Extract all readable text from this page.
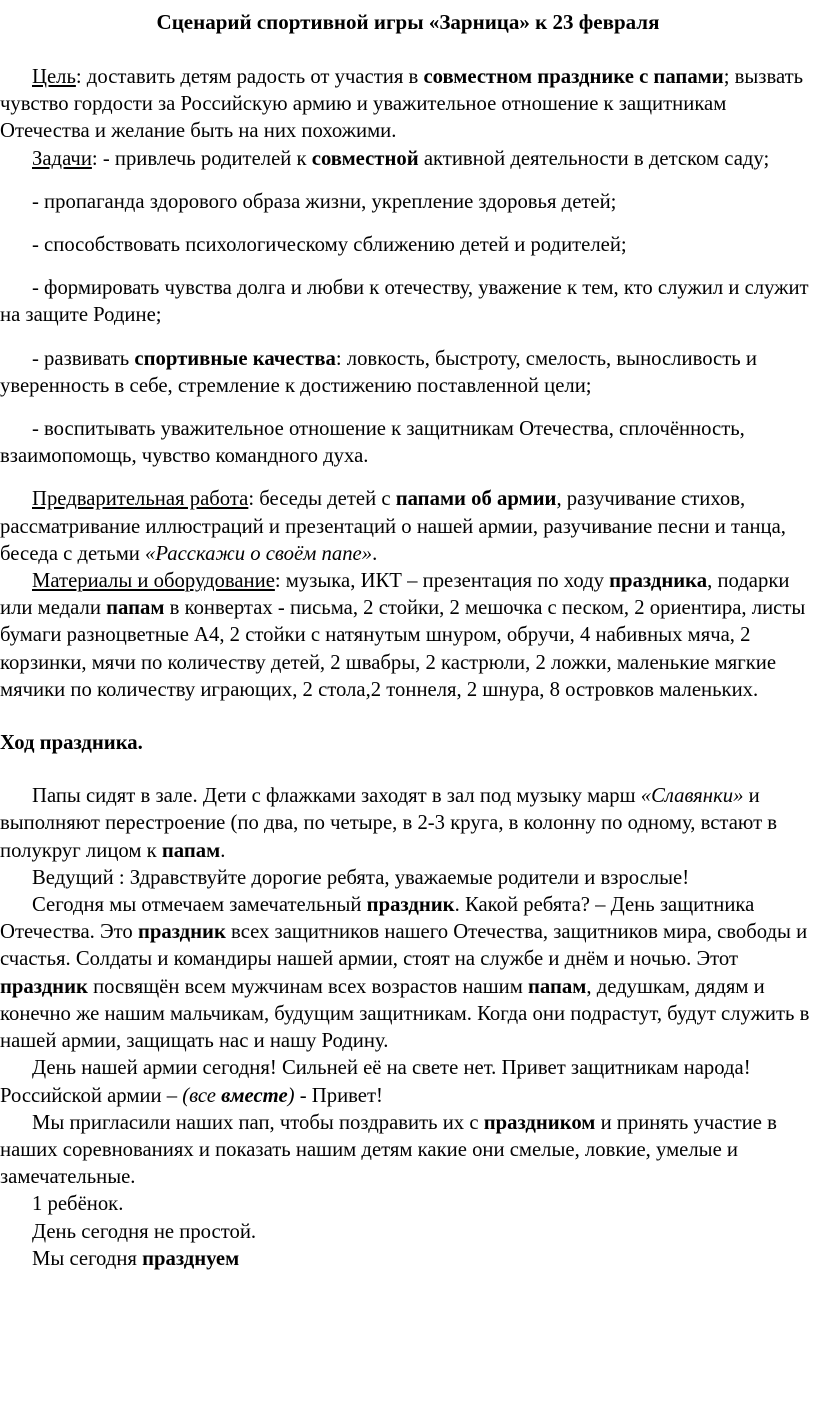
Сценарий спортивной игры «Зарница» к 23 февраля

Цель: доставить детям радость от участия в совместном празднике с папами; вызвать чувство гордости за Российскую армию и уважительное отношение к защитникам Отечества и желание быть на них похожими.

Задачи: - привлечь родителей к совместной активной деятельности в детском саду;

- пропаганда здорового образа жизни, укрепление здоровья детей;

- способствовать психологическому сближению детей и родителей;

- формировать чувства долга и любви к отечеству, уважение к тем, кто служил и служит на защите Родине;

- развивать спортивные качества: ловкость, быстроту, смелость, выносливость и уверенность в себе, стремление к достижению поставленной цели;

- воспитывать уважительное отношение к защитникам Отечества, сплочённость, взаимопомощь, чувство командного духа.

Предварительная работа: беседы детей с папами об армии, разучивание стихов, рассматривание иллюстраций и презентаций о нашей армии, разучивание песни и танца, беседа с детьми «Расскажи о своём папе».

Материалы и оборудование: музыка, ИКТ – презентация по ходу праздника, подарки или медали папам в конвертах - письма, 2 стойки, 2 мешочка с песком, 2 ориентира, листы бумаги разноцветные А4, 2 стойки с натянутым шнуром, обручи, 4 набивных мяча, 2 корзинки, мячи по количеству детей, 2 швабры, 2 кастрюли, 2 ложки, маленькие мягкие мячики по количеству играющих, 2 стола,2 тоннеля, 2 шнура, 8 островков маленьких.

Ход праздника.

Папы сидят в зале. Дети с флажками заходят в зал под музыку марш «Славянки» и выполняют перестроение (по два, по четыре, в 2-3 круга, в колонну по одному, встают в полукруг лицом к папам.

Ведущий : Здравствуйте дорогие ребята, уважаемые родители и взрослые!

Сегодня мы отмечаем замечательный праздник. Какой ребята? – День защитника Отечества. Это праздник всех защитников нашего Отечества, защитников мира, свободы и счастья. Солдаты и командиры нашей армии, стоят на службе и днём и ночью. Этот праздник посвящён всем мужчинам всех возрастов нашим папам, дедушкам, дядям и конечно же нашим мальчикам, будущим защитникам. Когда они подрастут, будут служить в нашей армии, защищать нас и нашу Родину.

День нашей армии сегодня! Сильней её на свете нет. Привет защитникам народа! Российской армии – (все вместе) - Привет!

Мы пригласили наших пап, чтобы поздравить их с праздником и принять участие в наших соревнованиях и показать нашим детям какие они смелые, ловкие, умелые и замечательные.

1 ребёнок.

День сегодня не простой.

Мы сегодня празднуем
